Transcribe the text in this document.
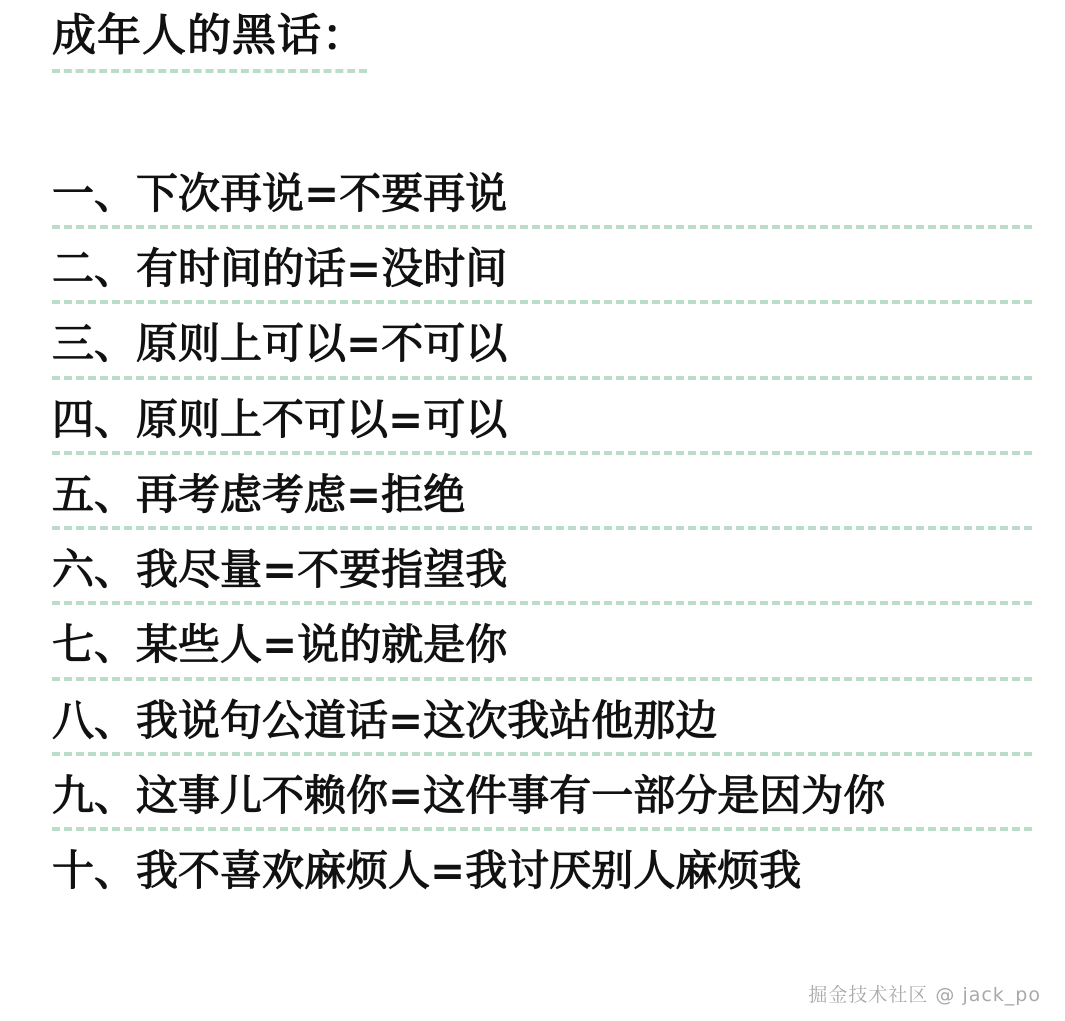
成年人的黑话：
一、下次再说=不要再说
二、有时间的话=没时间
三、原则上可以=不可以
四、原则上不可以=可以
五、再考虑考虑=拒绝
六、我尽量=不要指望我
七、某些人=说的就是你
八、我说句公道话=这次我站他那边
九、这事儿不赖你=这件事有一部分是因为你
十、我不喜欢麻烦人=我讨厌别人麻烦我
掘金技术社区 @ jack_po
